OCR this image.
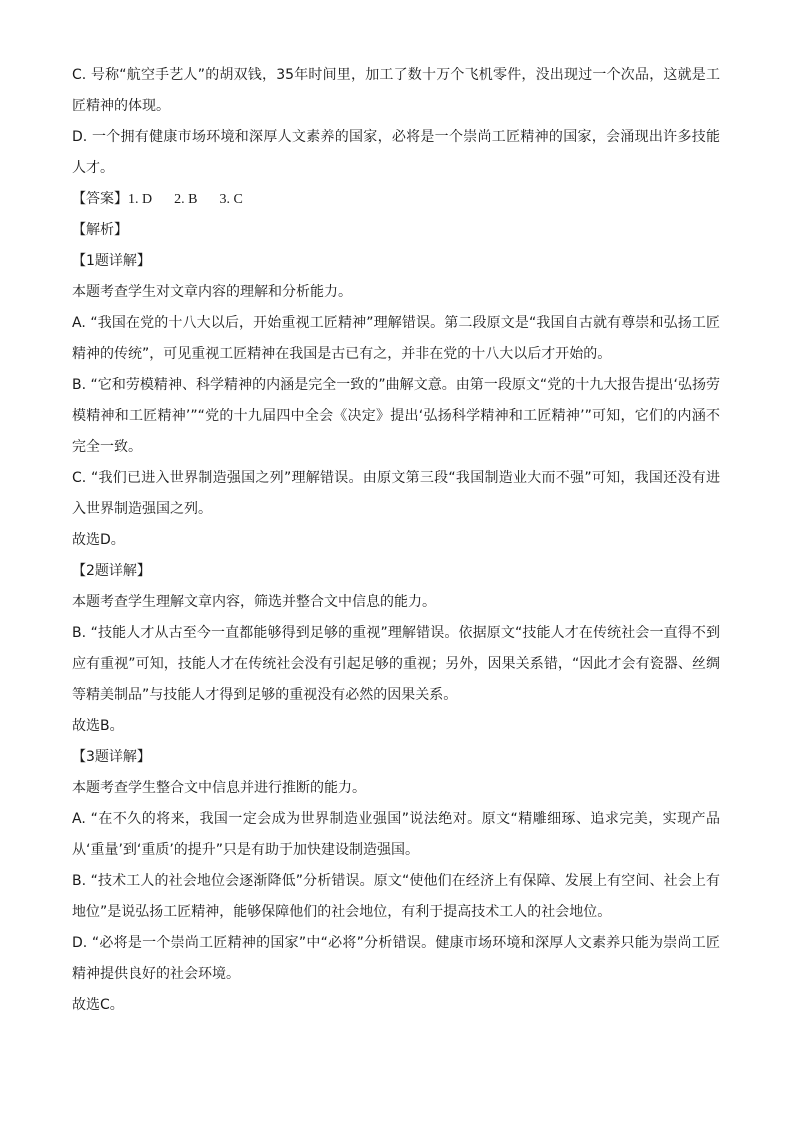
C. 号称“航空手艺人”的胡双钱，35年时间里，加工了数十万个飞机零件，没出现过一个次品，这就是工匠精神的体现。

D. 一个拥有健康市场环境和深厚人文素养的国家，必将是一个崇尚工匠精神的国家，会涌现出许多技能人才。

【答案】1. D 2. B 3. C

【解析】

【1题详解】

本题考查学生对文章内容的理解和分析能力。

A. “我国在党的十八大以后，开始重视工匠精神”理解错误。第二段原文是“我国自古就有尊崇和弘扬工匠精神的传统”，可见重视工匠精神在我国是古已有之，并非在党的十八大以后才开始的。

B. “它和劳模精神、科学精神的内涵是完全一致的”曲解文意。由第一段原文“党的十九大报告提出‘弘扬劳模精神和工匠精神’”“党的十九届四中全会《决定》提出‘弘扬科学精神和工匠精神’”可知，它们的内涵不完全一致。

C. “我们已进入世界制造强国之列”理解错误。由原文第三段“我国制造业大而不强”可知，我国还没有进入世界制造强国之列。

故选D。

【2题详解】

本题考查学生理解文章内容，筛选并整合文中信息的能力。

B. “技能人才从古至今一直都能够得到足够的重视”理解错误。依据原文“技能人才在传统社会一直得不到应有重视”可知，技能人才在传统社会没有引起足够的重视；另外，因果关系错，“因此才会有瓷器、丝绸等精美制品”与技能人才得到足够的重视没有必然的因果关系。

故选B。

【3题详解】

本题考查学生整合文中信息并进行推断的能力。

A. “在不久的将来，我国一定会成为世界制造业强国”说法绝对。原文“精雕细琢、追求完美，实现产品从‘重量’到‘重质’的提升”只是有助于加快建设制造强国。

B. “技术工人的社会地位会逐渐降低”分析错误。原文“使他们在经济上有保障、发展上有空间、社会上有地位”是说弘扬工匠精神，能够保障他们的社会地位，有利于提高技术工人的社会地位。

D. “必将是一个崇尚工匠精神的国家”中“必将”分析错误。健康市场环境和深厚人文素养只能为崇尚工匠精神提供良好的社会环境。

故选C。
